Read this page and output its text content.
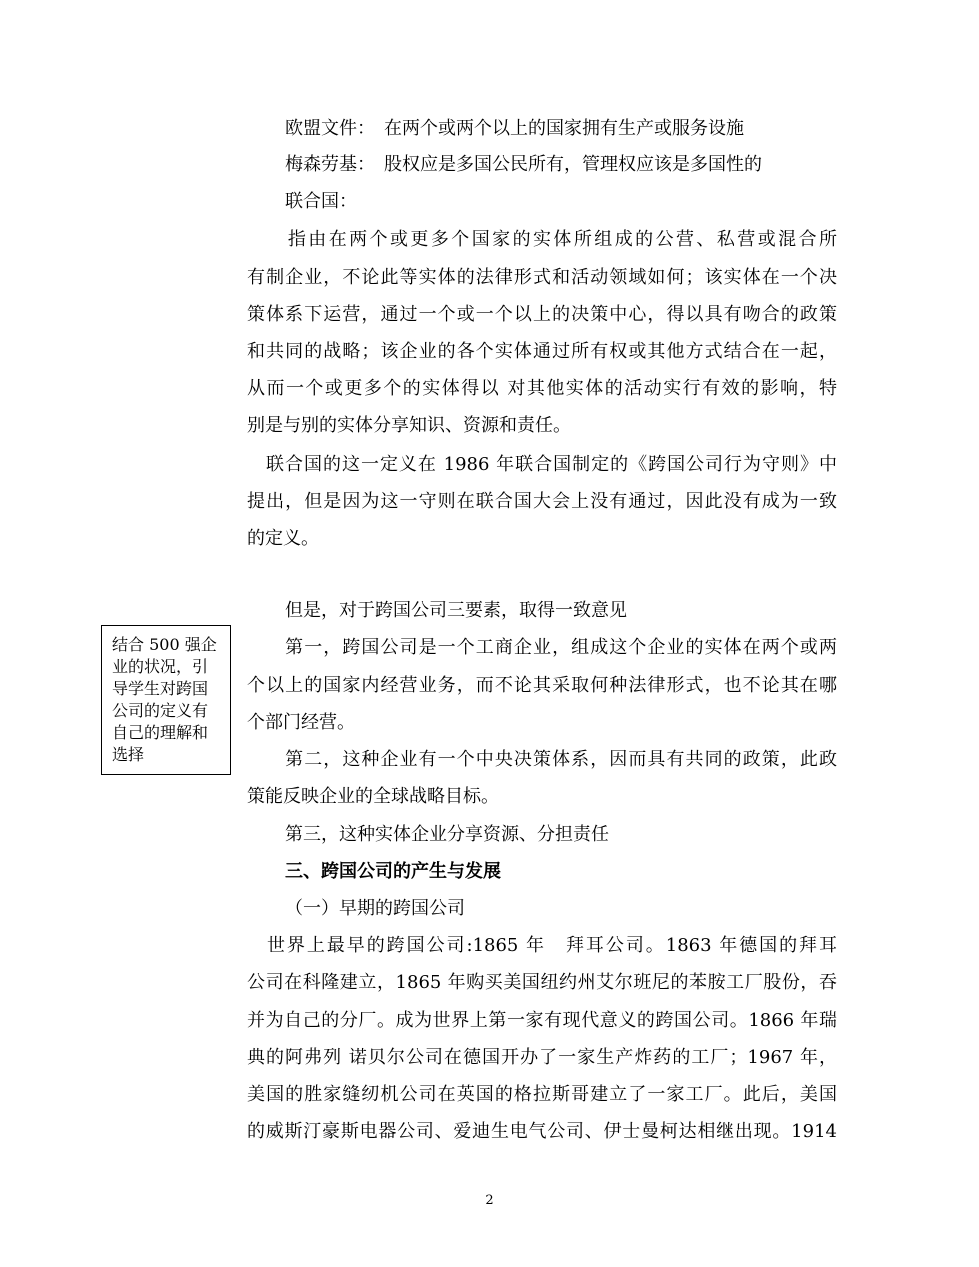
欧盟文件：　在两个或两个以上的国家拥有生产或服务设施
梅森劳基：　股权应是多国公民所有，管理权应该是多国性的
联合国：
　　指由在两个或更多个国家的实体所组成的公营、私营或混合所
有制企业，不论此等实体的法律形式和活动领域如何；该实体在一个决
策体系下运营，通过一个或一个以上的决策中心，得以具有吻合的政策
和共同的战略；该企业的各个实体通过所有权或其他方式结合在一起，
从而一个或更多个的实体得以 对其他实体的活动实行有效的影响，特
别是与别的实体分享知识、资源和责任。
　联合国的这一定义在 1986 年联合国制定的《跨国公司行为守则》中
提出，但是因为这一守则在联合国大会上没有通过，因此没有成为一致
的定义。
但是，对于跨国公司三要素，取得一致意见
　　第一，跨国公司是一个工商企业，组成这个企业的实体在两个或两
个以上的国家内经营业务，而不论其采取何种法律形式，也不论其在哪
个部门经营。
　　第二，这种企业有一个中央决策体系，因而具有共同的政策，此政
策能反映企业的全球战略目标。
第三，这种实体企业分享资源、分担责任
三、跨国公司的产生与发展
（一）早期的跨国公司
　世界上最早的跨国公司:1865 年　拜耳公司。1863 年德国的拜耳
公司在科隆建立，1865 年购买美国纽约州艾尔班尼的苯胺工厂股份，吞
并为自己的分厂。成为世界上第一家有现代意义的跨国公司。1866 年瑞
典的阿弗列 诺贝尔公司在德国开办了一家生产炸药的工厂；1967 年，
美国的胜家缝纫机公司在英国的格拉斯哥建立了一家工厂。此后，美国
的威斯汀豪斯电器公司、爱迪生电气公司、伊士曼柯达相继出现。1914
结合 500 强企
业的状况，引
导学生对跨国
公司的定义有
自己的理解和
选择
2
